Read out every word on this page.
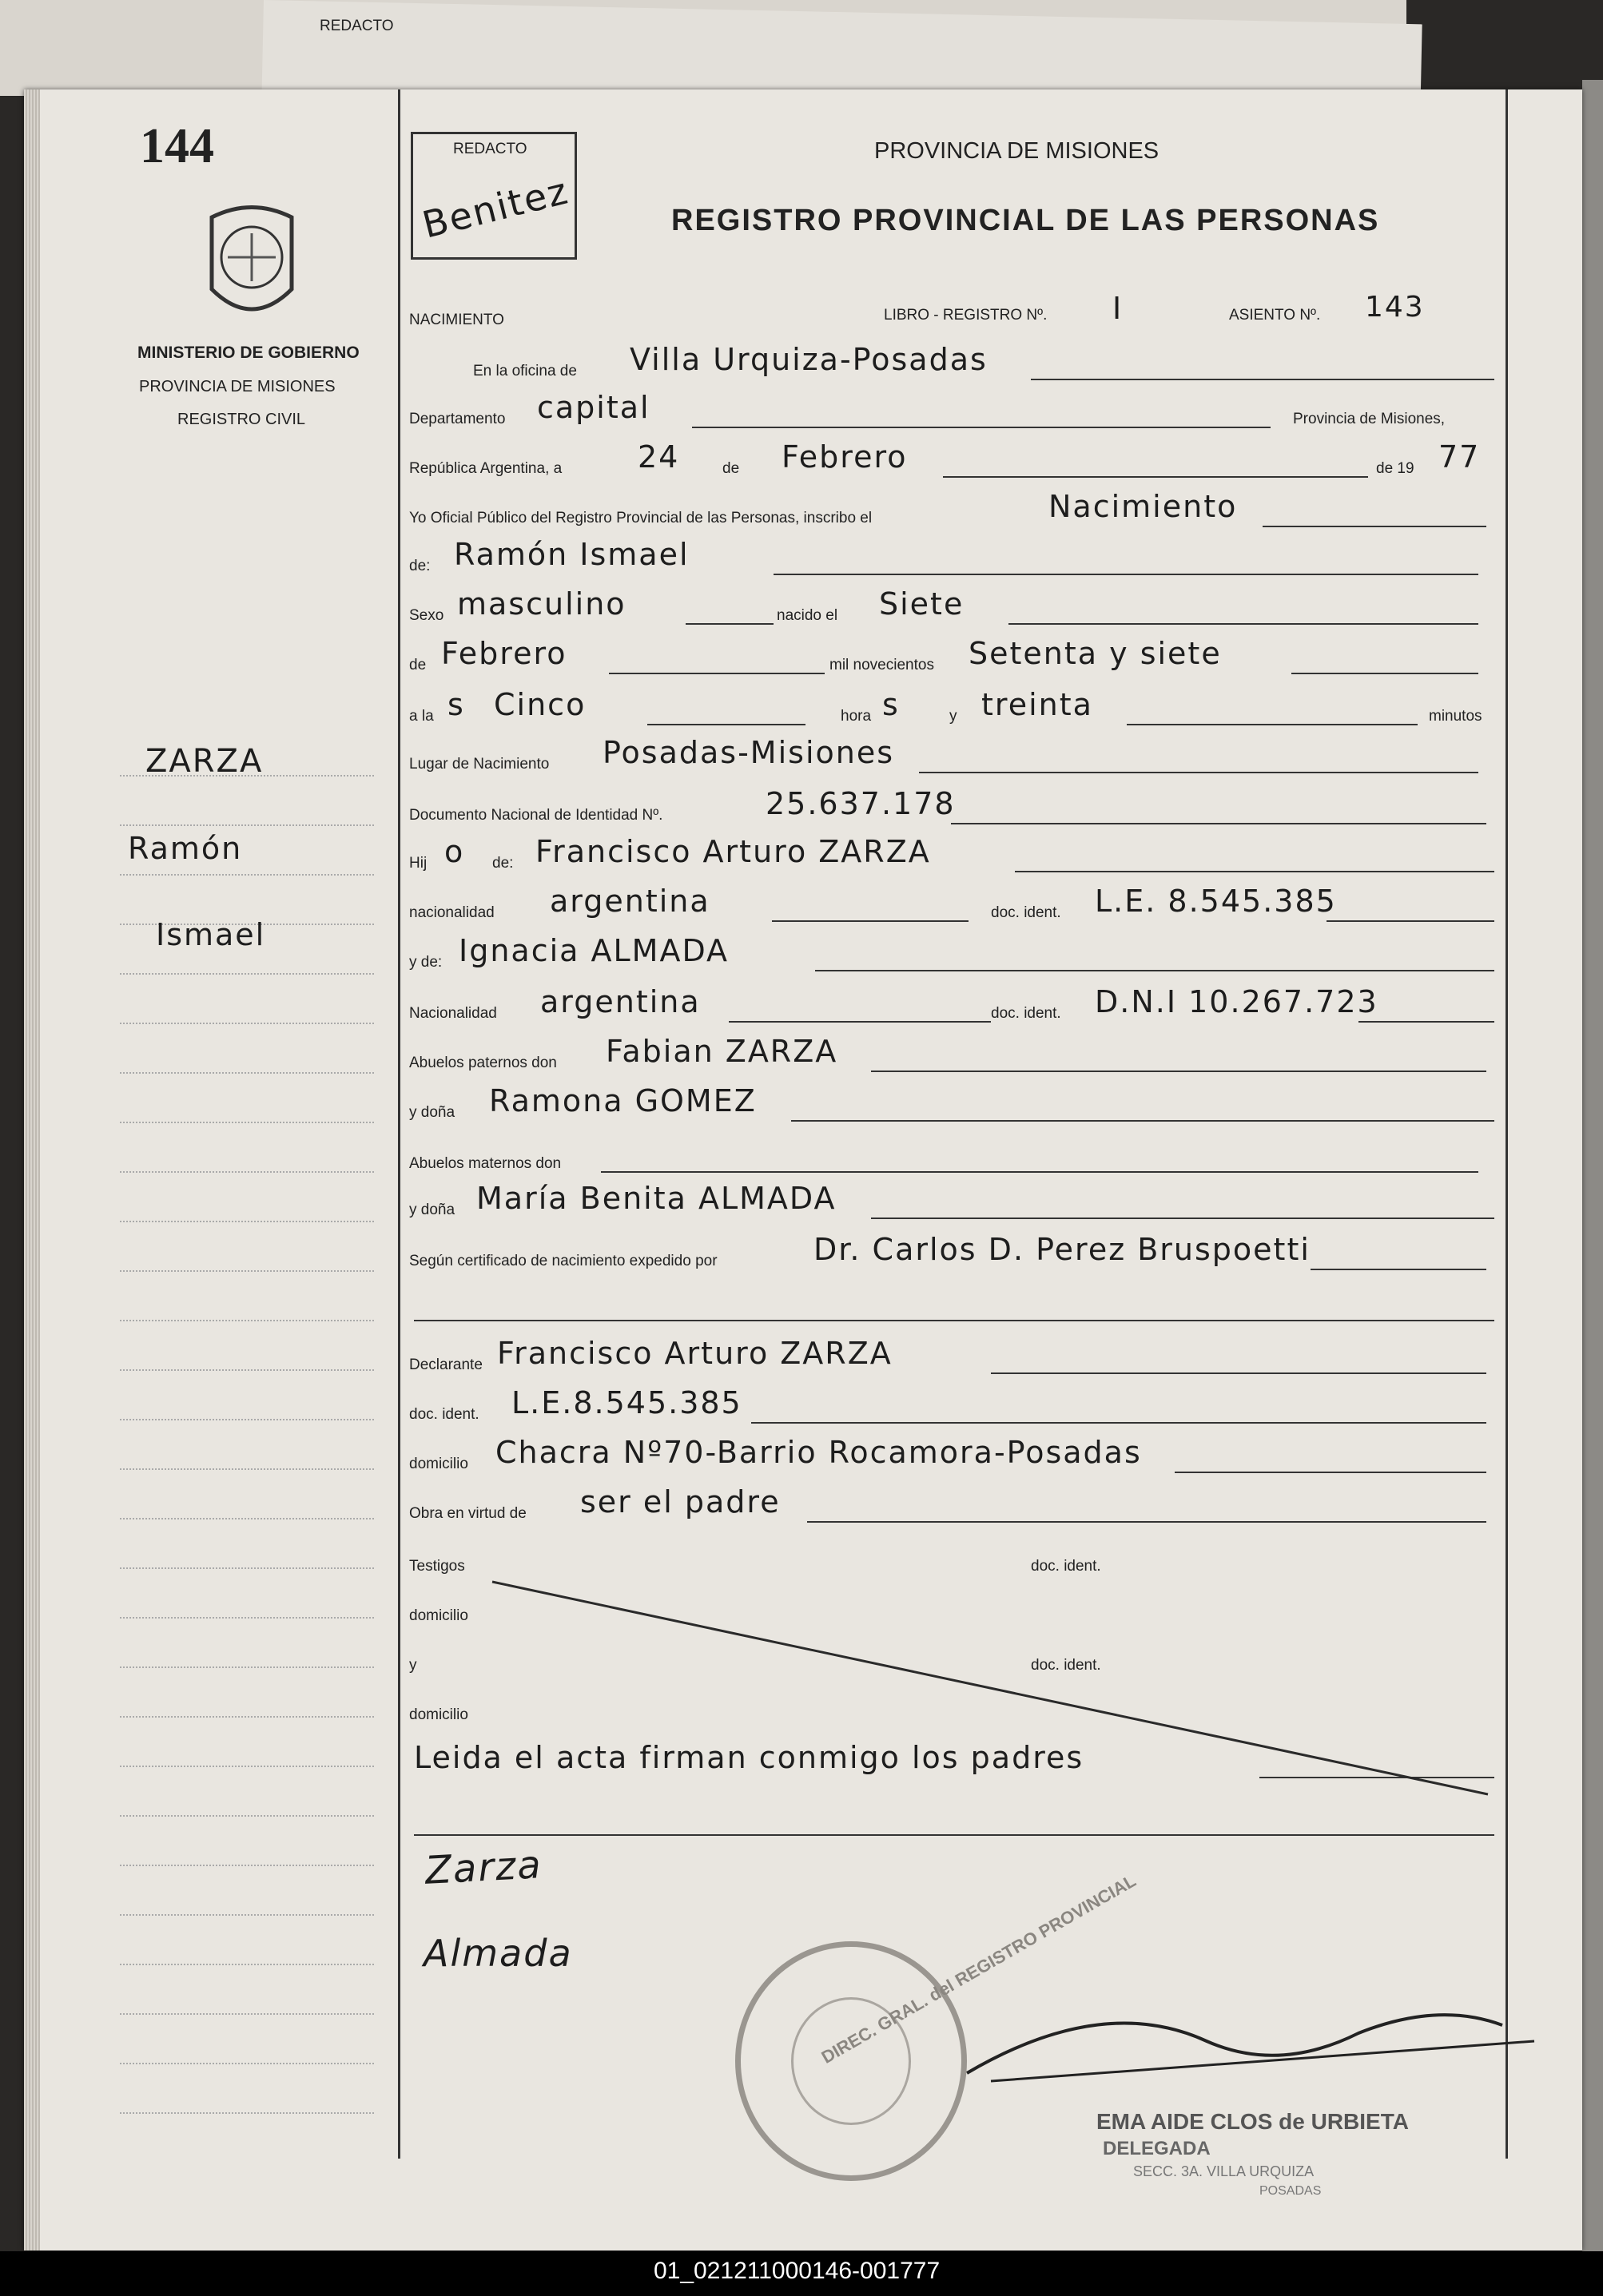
REDACTO
144
MINISTERIO DE GOBIERNO
PROVINCIA DE MISIONES
REGISTRO CIVIL
ZARZA
Ramón
Ismael
REDACTO
Benitez
PROVINCIA DE MISIONES
REGISTRO PROVINCIAL DE LAS PERSONAS
NACIMIENTO	LIBRO - REGISTRO Nº. I	ASIENTO Nº. 143
En la oficina de Villa Urquiza-Posadas
Departamento capital	Provincia de Misiones,
República Argentina, a 24	de Febrero	de 19 77
Yo Oficial Público del Registro Provincial de las Personas, inscribo el	Nacimiento
de: Ramón Ismael
Sexo masculino	nacido el Siete
de Febrero	mil novecientos Setenta y siete
a la s Cinco	hora s	y treinta	minutos
Lugar de Nacimiento Posadas-Misiones
Documento Nacional de Identidad Nº.	25.637.178
Hij o de: Francisco Arturo ZARZA
nacionalidad argentina	doc. ident. L.E. 8.545.385
y de: Ignacia ALMADA
Nacionalidad argentina	doc. ident. D.N.I 10.267.723
Abuelos paternos don Fabian ZARZA
y doña Ramona GOMEZ
Abuelos maternos don
y doña María Benita ALMADA
Según certificado de nacimiento expedido por	Dr. Carlos D. Perez Bruspoetti
Declarante Francisco Arturo ZARZA
doc. ident. L.E.8.545.385
domicilio Chacra Nº70-Barrio Rocamora-Posadas
Obra en virtud de ser el padre
Testigos	doc. ident.
domicilio
y	doc. ident.
domicilio
Leida el acta firman conmigo los padres
Zarza
Almada	DIREC. GRAL. del REGISTRO PROVINCIAL
EMA AIDE CLOS de URBIETA
DELEGADA
SECC. 3A. VILLA URQUIZA
POSADAS
01_021211000146-001777
